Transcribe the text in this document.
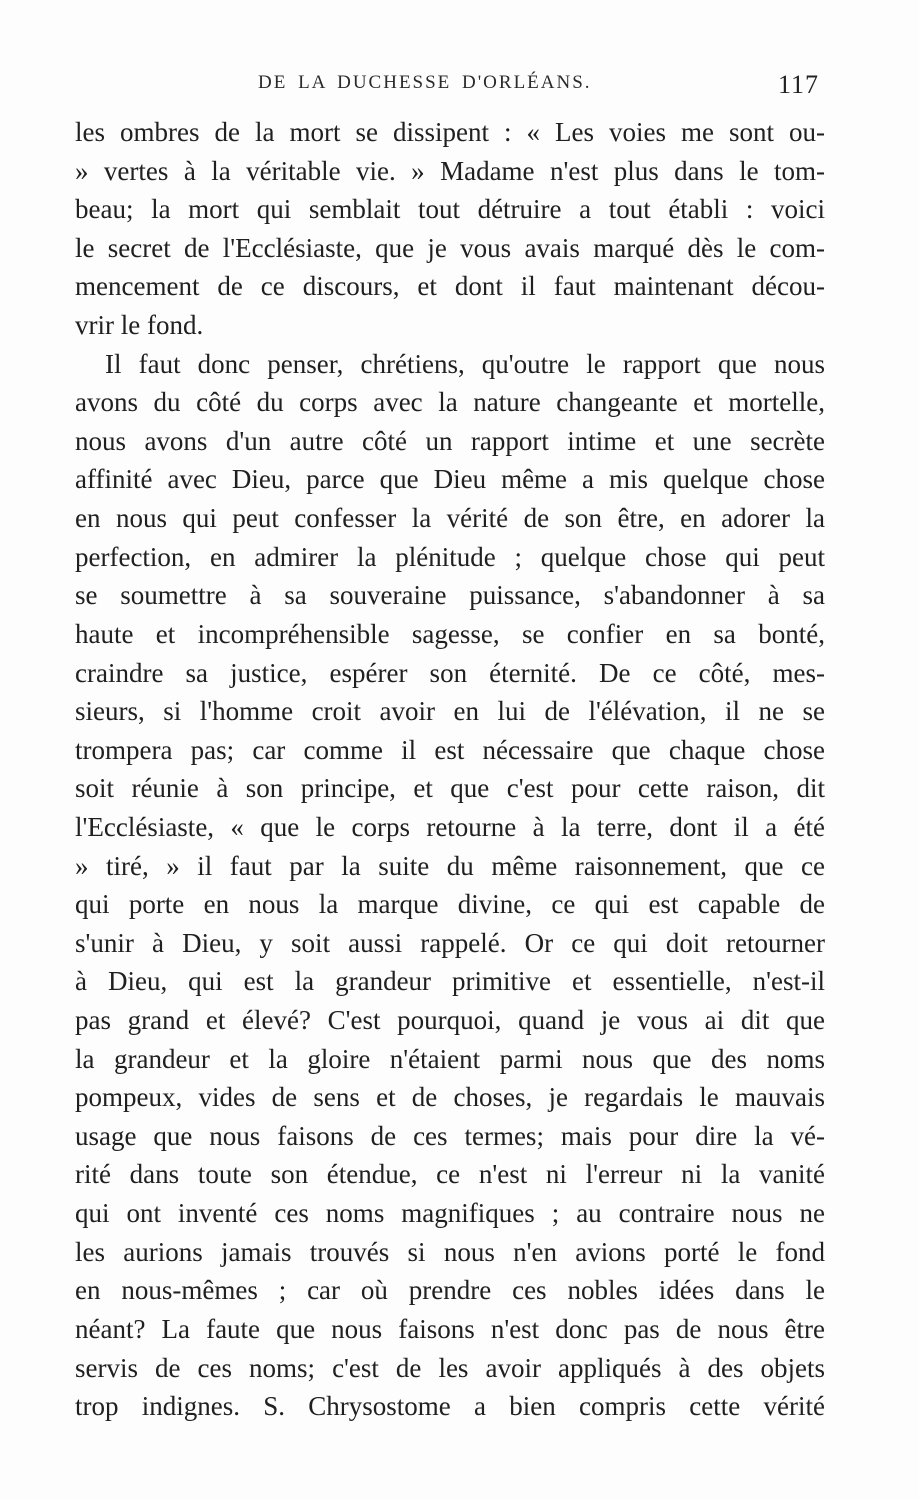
DE LA DUCHESSE D'ORLÉANS.	117
les ombres de la mort se dissipent : « Les voies me sont ou-
» vertes à la véritable vie. » Madame n'est plus dans le tom-
beau; la mort qui semblait tout détruire a tout établi : voici
le secret de l'Ecclésiaste, que je vous avais marqué dès le com-
mencement de ce discours, et dont il faut maintenant décou-
vrir le fond.
Il faut donc penser, chrétiens, qu'outre le rapport que nous
avons du côté du corps avec la nature changeante et mortelle,
nous avons d'un autre côté un rapport intime et une secrète
affinité avec Dieu, parce que Dieu même a mis quelque chose
en nous qui peut confesser la vérité de son être, en adorer la
perfection, en admirer la plénitude ; quelque chose qui peut
se soumettre à sa souveraine puissance, s'abandonner à sa
haute et incompréhensible sagesse, se confier en sa bonté,
craindre sa justice, espérer son éternité. De ce côté, mes-
sieurs, si l'homme croit avoir en lui de l'élévation, il ne se
trompera pas; car comme il est nécessaire que chaque chose
soit réunie à son principe, et que c'est pour cette raison, dit
l'Ecclésiaste, « que le corps retourne à la terre, dont il a été
» tiré, » il faut par la suite du même raisonnement, que ce
qui porte en nous la marque divine, ce qui est capable de
s'unir à Dieu, y soit aussi rappelé. Or ce qui doit retourner
à Dieu, qui est la grandeur primitive et essentielle, n'est-il
pas grand et élevé? C'est pourquoi, quand je vous ai dit que
la grandeur et la gloire n'étaient parmi nous que des noms
pompeux, vides de sens et de choses, je regardais le mauvais
usage que nous faisons de ces termes; mais pour dire la vé-
rité dans toute son étendue, ce n'est ni l'erreur ni la vanité
qui ont inventé ces noms magnifiques ; au contraire nous ne
les aurions jamais trouvés si nous n'en avions porté le fond
en nous-mêmes ; car où prendre ces nobles idées dans le
néant? La faute que nous faisons n'est donc pas de nous être
servis de ces noms; c'est de les avoir appliqués à des objets
trop indignes. S. Chrysostome a bien compris cette vérité
